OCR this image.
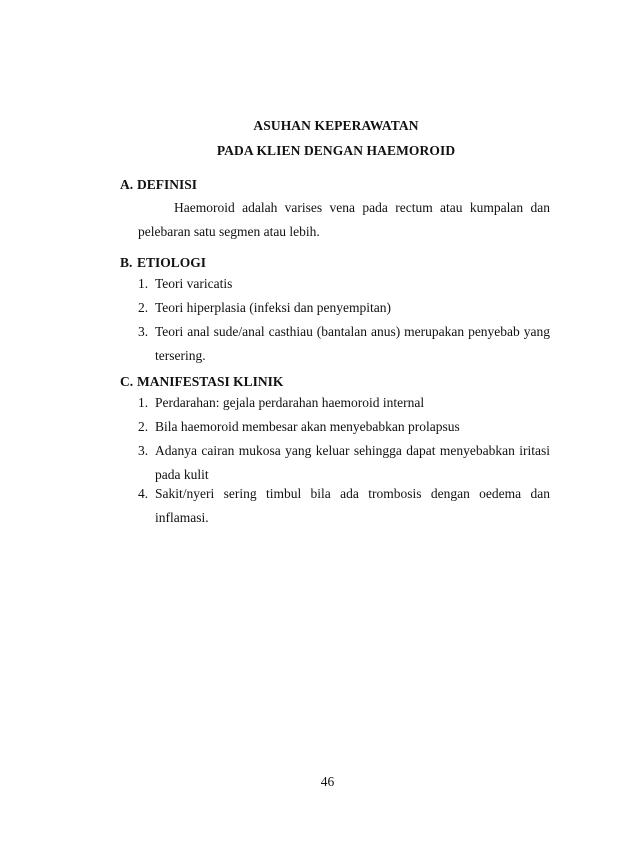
ASUHAN KEPERAWATAN
PADA KLIEN DENGAN HAEMOROID
A. DEFINISI
Haemoroid adalah varises vena pada rectum atau kumpalan dan pelebaran satu segmen atau lebih.
B. ETIOLOGI
1. Teori varicatis
2. Teori hiperplasia (infeksi dan penyempitan)
3. Teori anal sude/anal casthiau (bantalan anus) merupakan penyebab yang tersering.
C. MANIFESTASI KLINIK
1. Perdarahan: gejala perdarahan haemoroid internal
2. Bila haemoroid membesar akan menyebabkan prolapsus
3. Adanya cairan mukosa yang keluar sehingga dapat menyebabkan iritasi pada kulit
4. Sakit/nyeri sering timbul bila ada trombosis dengan oedema dan inflamasi.
46
